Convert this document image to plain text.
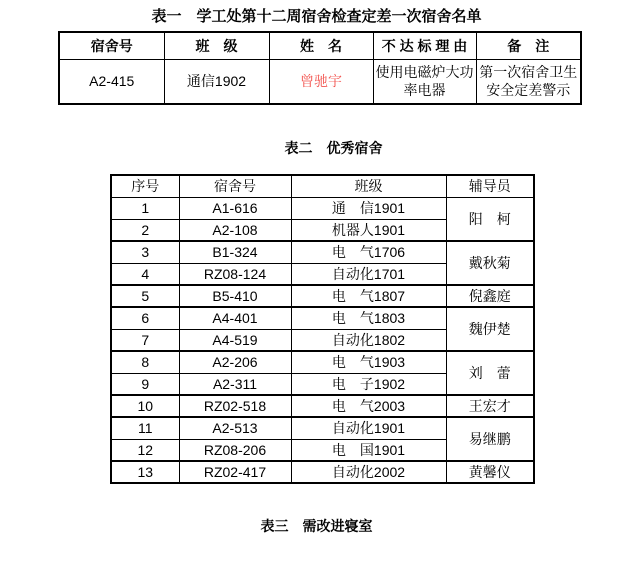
表一　学工处第十二周宿舍检查定差一次宿舍名单
宿舍号	班　级	姓　名	不 达 标 理 由	备　注
A2-415	通信1902	曾驰宇	使用电磁炉大功率电器	第一次宿舍卫生安全定差警示
表二　优秀宿舍
序号	宿舍号	班级	辅导员
1	A1-616	通　信1901	阳　柯
2	A2-108	机器人1901	
3	B1-324	电　气1706	戴秋菊
4	RZ08-124	自动化1701	
5	B5-410	电　气1807	倪鑫庭
6	A4-401	电　气1803	魏伊楚
7	A4-519	自动化1802	
8	A2-206	电　气1903	刘　蕾
9	A2-311	电　子1902	
10	RZ02-518	电　气2003	王宏才
11	A2-513	自动化1901	易继鹏
12	RZ08-206	电　国1901	
13	RZ02-417	自动化2002	黄馨仪
表三　需改进寝室
